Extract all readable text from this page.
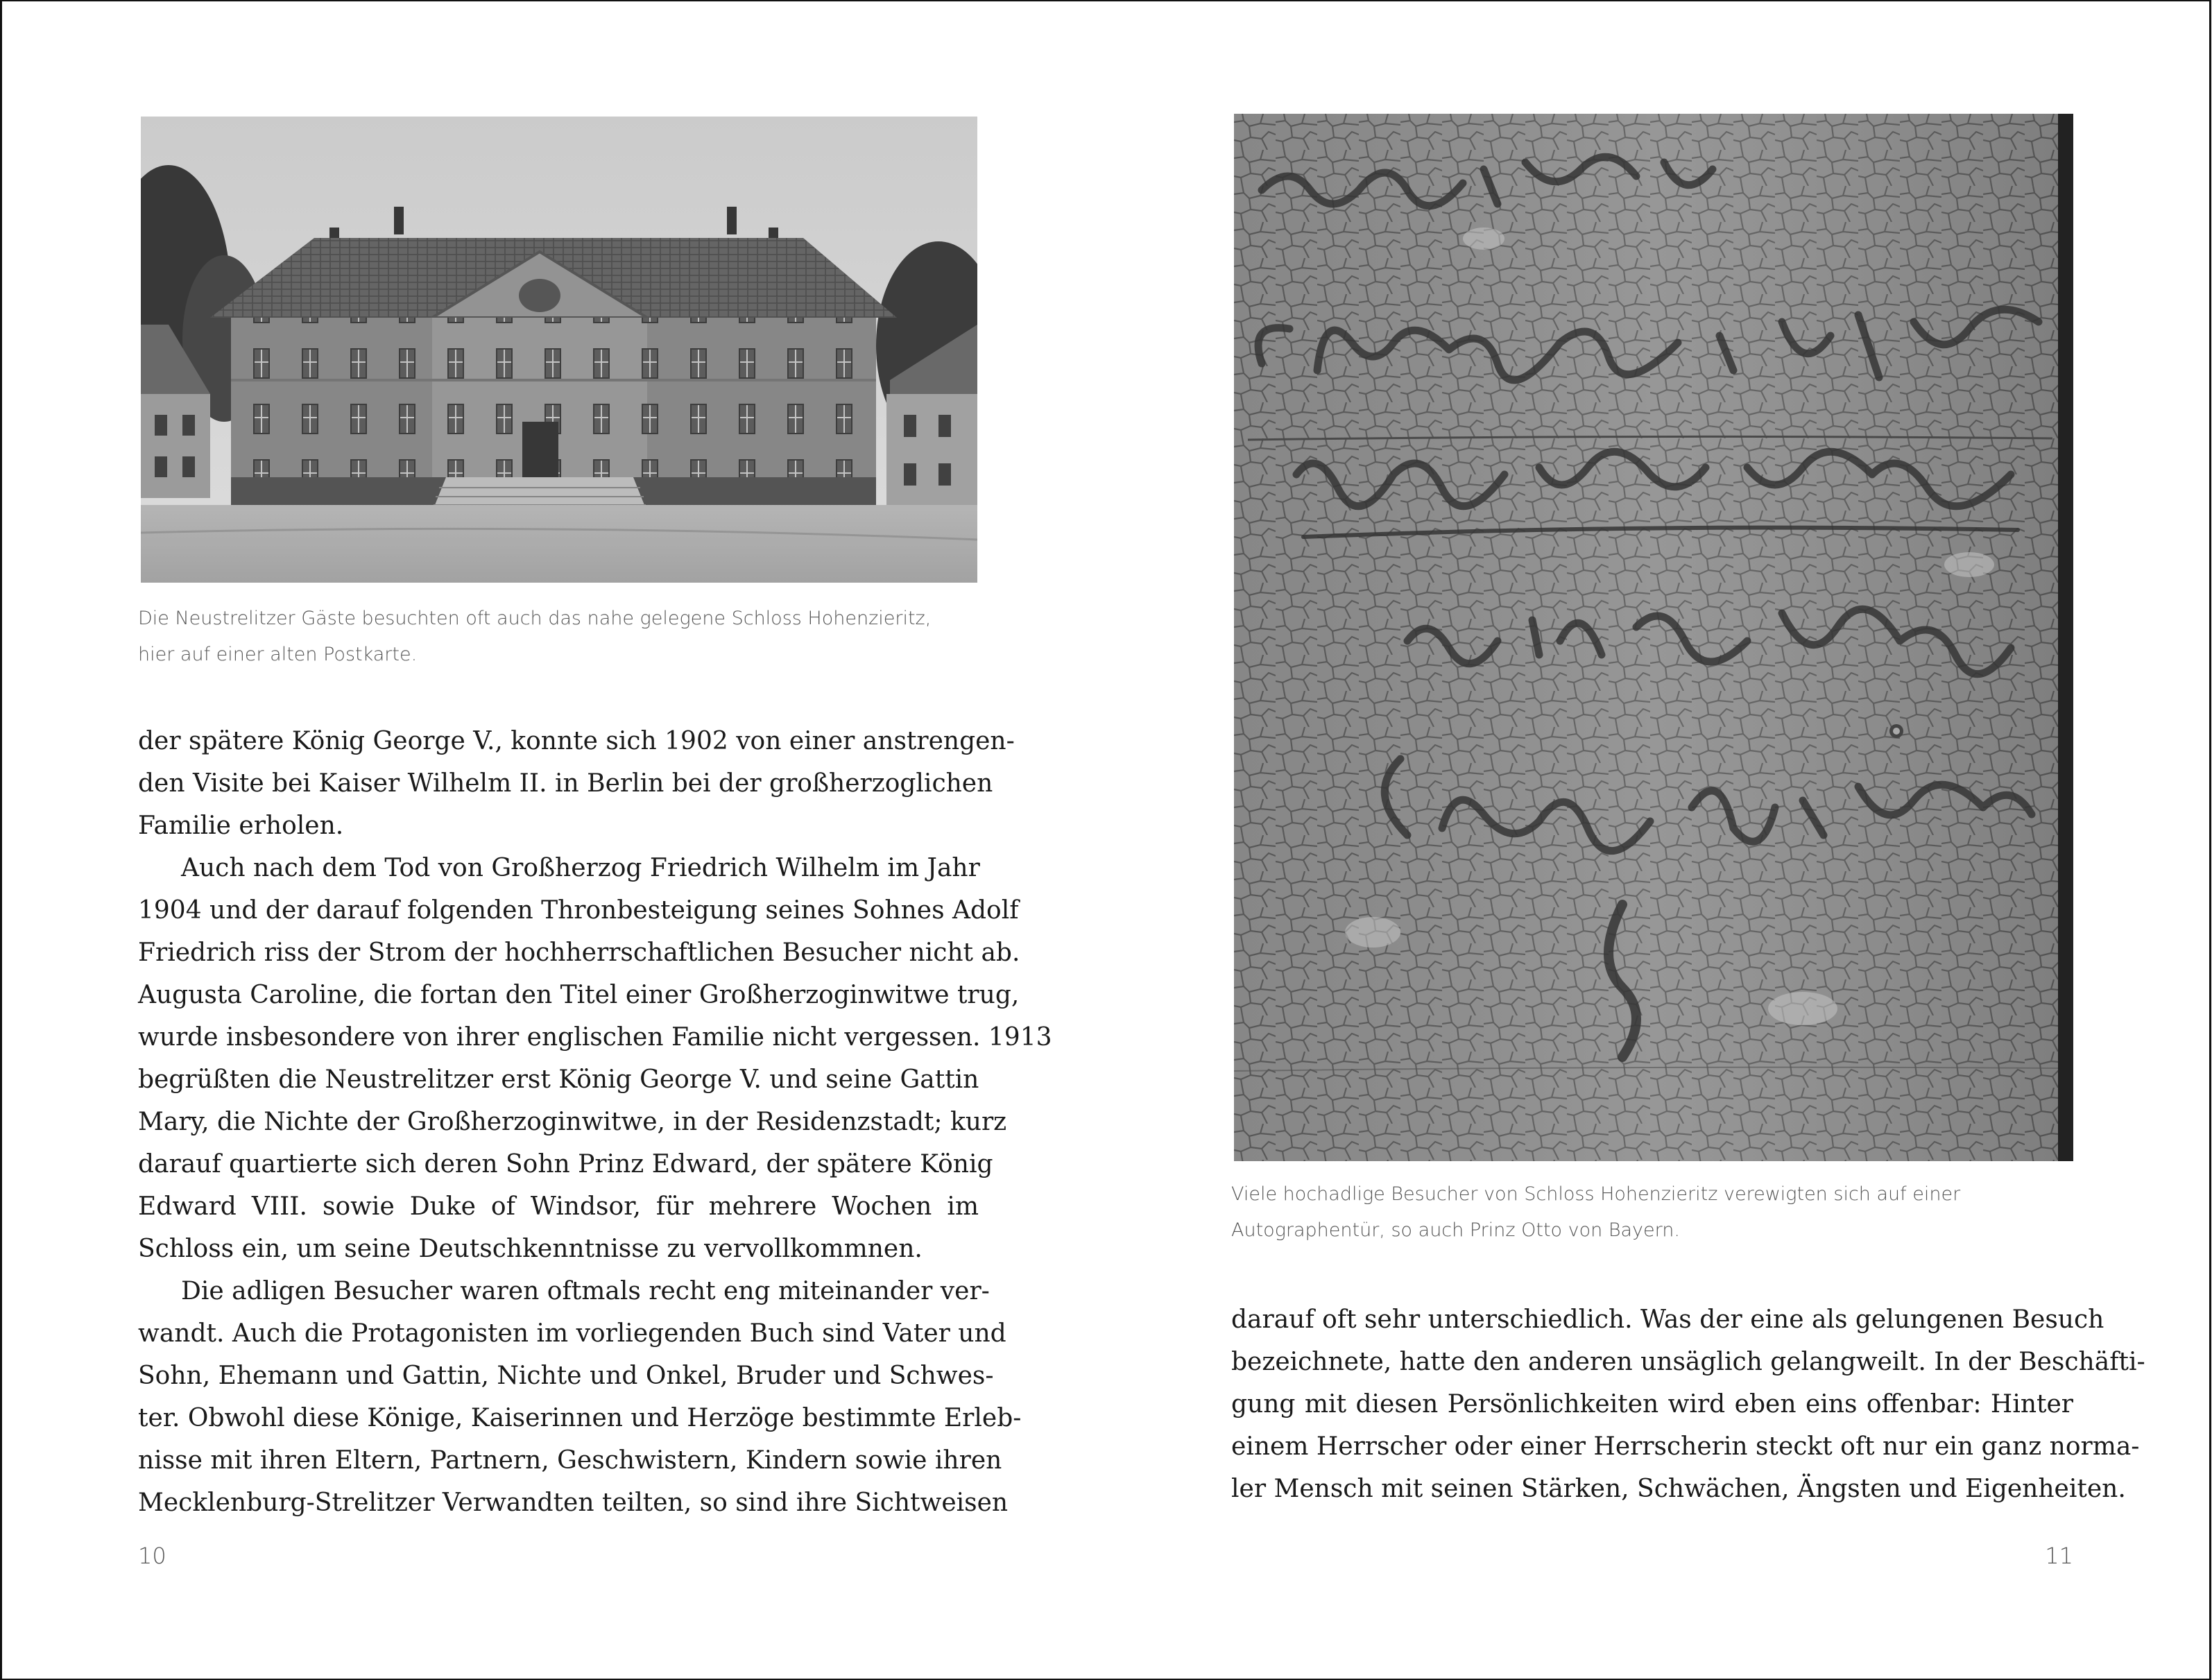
Die Neustrelitzer Gäste besuchten oft auch das nahe gelegene Schloss Hohenzieritz,
hier auf einer alten Postkarte.
der spätere König George V., konnte sich 1902 von einer anstrengen-
den Visite bei Kaiser Wilhelm II. in Berlin bei der großherzoglichen
Familie erholen.
Auch nach dem Tod von Großherzog Friedrich Wilhelm im Jahr
1904 und der darauf folgenden Thronbesteigung seines Sohnes Adolf
Friedrich riss der Strom der hochherrschaftlichen Besucher nicht ab.
Augusta Caroline, die fortan den Titel einer Großherzoginwitwe trug,
wurde insbesondere von ihrer englischen Familie nicht vergessen. 1913
begrüßten die Neustrelitzer erst König George V. und seine Gattin
Mary, die Nichte der Großherzoginwitwe, in der Residenzstadt; kurz
darauf quartierte sich deren Sohn Prinz Edward, der spätere König
Edward VIII. sowie Duke of Windsor, für mehrere Wochen im
Schloss ein, um seine Deutschkenntnisse zu vervollkommnen.
Die adligen Besucher waren oftmals recht eng miteinander ver-
wandt. Auch die Protagonisten im vorliegenden Buch sind Vater und
Sohn, Ehemann und Gattin, Nichte und Onkel, Bruder und Schwes-
ter. Obwohl diese Könige, Kaiserinnen und Herzöge bestimmte Erleb-
nisse mit ihren Eltern, Partnern, Geschwistern, Kindern sowie ihren
Mecklenburg-Strelitzer Verwandten teilten, so sind ihre Sichtweisen
10
Viele hochadlige Besucher von Schloss Hohenzieritz verewigten sich auf einer
Autographentür, so auch Prinz Otto von Bayern.
darauf oft sehr unterschiedlich. Was der eine als gelungenen Besuch
bezeichnete, hatte den anderen unsäglich gelangweilt. In der Beschäfti-
gung mit diesen Persönlichkeiten wird eben eins offenbar: Hinter
einem Herrscher oder einer Herrscherin steckt oft nur ein ganz norma-
ler Mensch mit seinen Stärken, Schwächen, Ängsten und Eigenheiten.
11
